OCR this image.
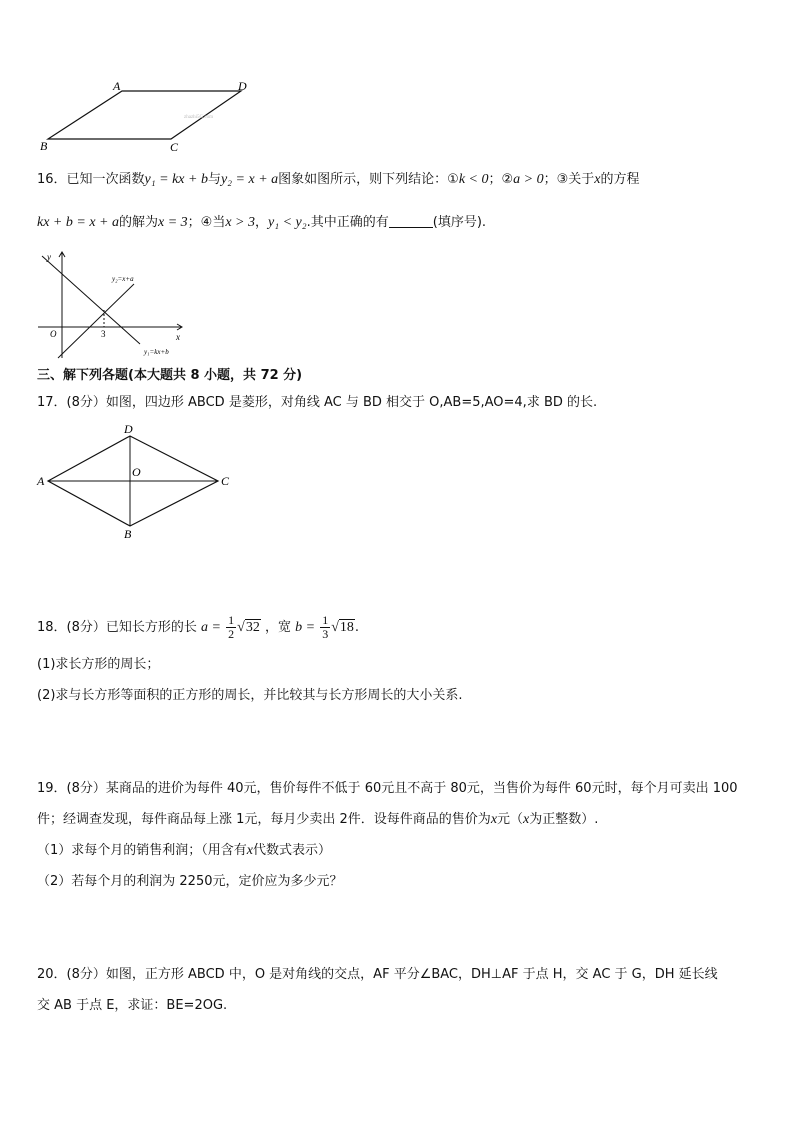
A	D
B	C
zhazhi5G.com
16．已知一次函数y₁ = kx + b与y₂ = x + a图象如图所示，则下列结论：①k < 0；②a > 0；③关于x的方程
kx + b = x + a的解为x = 3；④当x > 3，y₁ < y₂.其中正确的有	(填序号).
y
x
O	3
y₂=x+a
y₁=kx+b
三、解下列各题(本大题共 8 小题，共 72 分)
17．(8分）如图，四边形 ABCD 是菱形，对角线 AC 与 BD 相交于 O,AB=5,AO=4,求 BD 的长.
D
A	C
B
O
18．(8分）已知长方形的长 $a = \frac{1}{2} √32$ ，宽 $b = \frac{1}{3} √18$.
(1)求长方形的周长；
(2)求与长方形等面积的正方形的周长，并比较其与长方形周长的大小关系.
19．(8分）某商品的进价为每件 40元，售价每件不低于 60元且不高于 80元，当售价为每件 60元时，每个月可卖出 100
件；经调查发现，每件商品每上涨 1元，每月少卖出 2件．设每件商品的售价为x元（x为正整数）.
（1）求每个月的销售利润；（用含有x代数式表示）
（2）若每个月的利润为 2250元，定价应为多少元？
20．(8分）如图，正方形 ABCD 中，O 是对角线的交点，AF 平分∠BAC，DH⊥AF 于点 H，交 AC 于 G，DH 延长线
交 AB 于点 E，求证：BE=2OG.
